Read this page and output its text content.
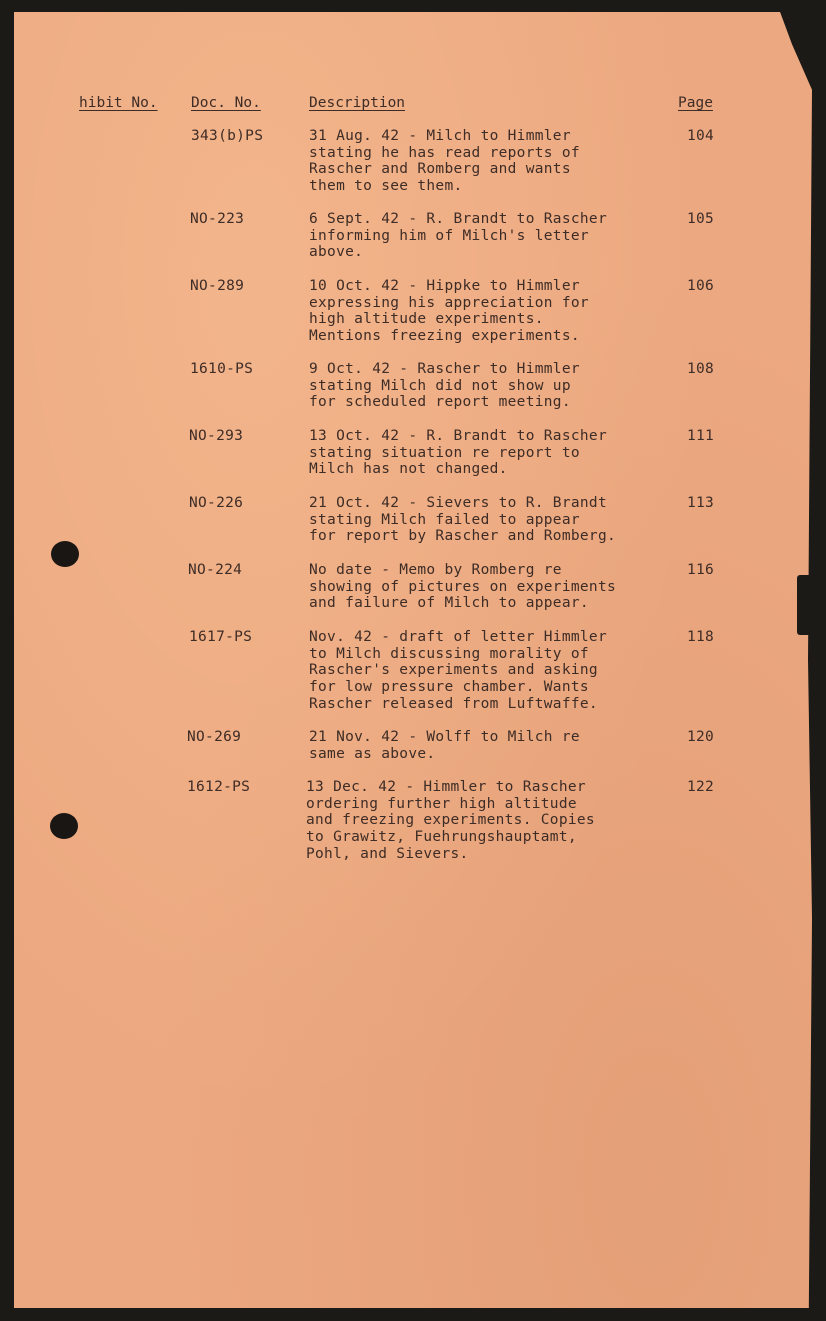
hibit No. Doc. No.	Description	Page
343(b)PS	31 Aug. 42 - Milch to Himmler
stating he has read reports of
Rascher and Romberg and wants
them to see them.
104
NO-223	6 Sept. 42 - R. Brandt to Rascher
informing him of Milch's letter
above.
105
NO-289	10 Oct. 42 - Hippke to Himmler
expressing his appreciation for
high altitude experiments.
Mentions freezing experiments.
106
1610-PS	9 Oct. 42 - Rascher to Himmler
stating Milch did not show up
for scheduled report meeting.
108
NO-293	13 Oct. 42 - R. Brandt to Rascher
stating situation re report to
Milch has not changed.
111
NO-226	21 Oct. 42 - Sievers to R. Brandt
stating Milch failed to appear
for report by Rascher and Romberg.
113
NO-224	No date - Memo by Romberg re
showing of pictures on experiments
and failure of Milch to appear.
116
1617-PS	Nov. 42 - draft of letter Himmler
to Milch discussing morality of
Rascher's experiments and asking
for low pressure chamber. Wants
Rascher released from Luftwaffe.
118
NO-269	21 Nov. 42 - Wolff to Milch re
same as above.
120
1612-PS	13 Dec. 42 - Himmler to Rascher
ordering further high altitude
and freezing experiments. Copies
to Grawitz, Fuehrungshauptamt,
Pohl, and Sievers.
122
